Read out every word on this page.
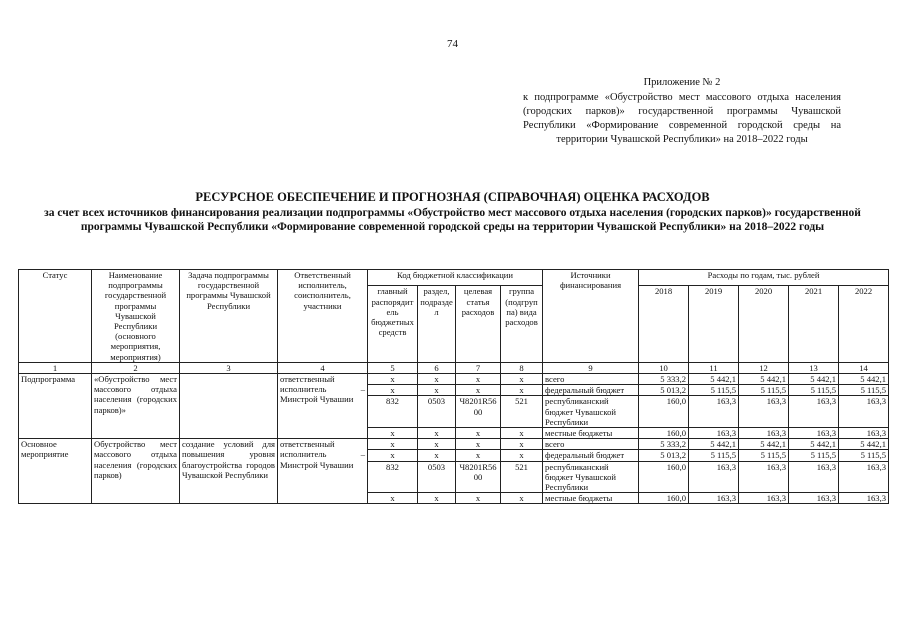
74
Приложение № 2
к подпрограмме «Обустройство мест массового отдыха населения (городских парков)» государственной программы Чувашской Республики «Формирование современной городской среды на территории Чувашской Республики» на 2018–2022 годы
РЕСУРСНОЕ ОБЕСПЕЧЕНИЕ И ПРОГНОЗНАЯ (СПРАВОЧНАЯ) ОЦЕНКА РАСХОДОВ
за счет всех источников финансирования реализации подпрограммы «Обустройство мест массового отдыха населения (городских парков)» государственной программы Чувашской Республики «Формирование современной городской среды на территории Чувашской Республики» на 2018–2022 годы
Статус	Наименование подпрограммы государственной программы Чувашской Республики (основного мероприятия, мероприятия)	Задача подпрограммы государственной программы Чувашской Республики	Ответственный исполнитель, соисполнитель, участники	Код бюджетной классификации				Источники финансирования	Расходы по годам, тыс. рублей				
				главный распорядитель бюджетных средств	раздел, подраздел	целевая статья расходов	группа (подгруппа) вида расходов		2018	2019	2020	2021	2022
1	2	3	4	5	6	7	8	9	10	11	12	13	14
Подпрограмма	«Обустройство мест массового отдыха населения (городских парков)»		ответственный исполнитель – Минстрой Чувашии	x	x	x	x	всего	5 333,2	5 442,1	5 442,1	5 442,1	5 442,1
				x	x	x	x	федеральный бюджет	5 013,2	5 115,5	5 115,5	5 115,5	5 115,5
				832	0503	Ч8201R5600	521	республиканский бюджет Чувашской Республики	160,0	163,3	163,3	163,3	163,3
				x	x	x	x	местные бюджеты	160,0	163,3	163,3	163,3	163,3
Основное мероприятие	Обустройство мест массового отдыха населения (городских парков)	создание условий для повышения уровня благоустройства городов Чувашской Республики	ответственный исполнитель – Минстрой Чувашии	x	x	x	x	всего	5 333,2	5 442,1	5 442,1	5 442,1	5 442,1
				x	x	x	x	федеральный бюджет	5 013,2	5 115,5	5 115,5	5 115,5	5 115,5
				832	0503	Ч8201R5600	521	республиканский бюджет Чувашской Республики	160,0	163,3	163,3	163,3	163,3
				x	x	x	x	местные бюджеты	160,0	163,3	163,3	163,3	163,3
